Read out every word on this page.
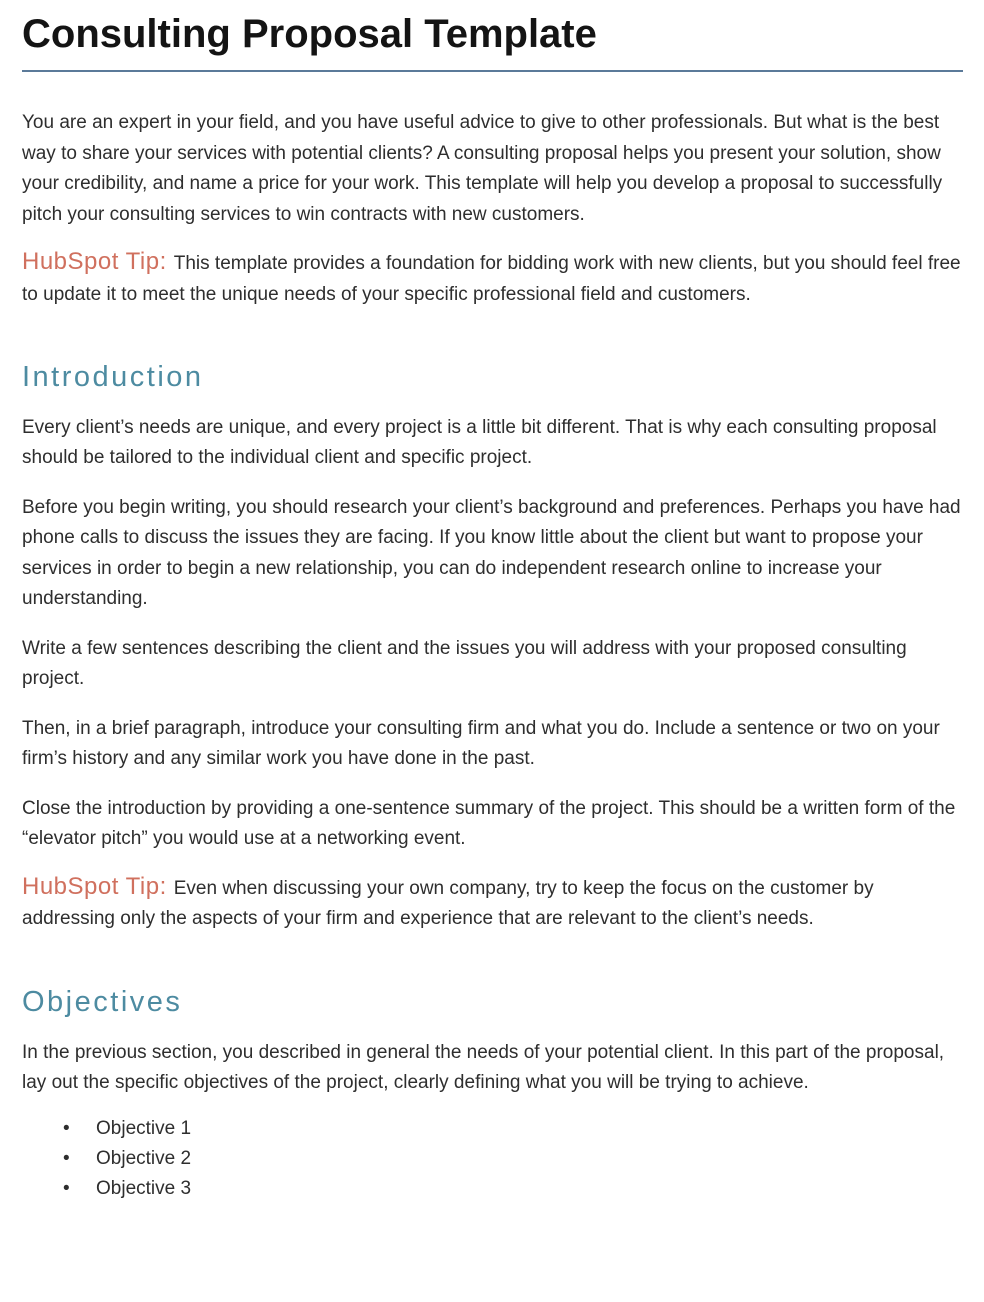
Consulting Proposal Template

You are an expert in your field, and you have useful advice to give to other professionals. But what is the best way to share your services with potential clients? A consulting proposal helps you present your solution, show your credibility, and name a price for your work. This template will help you develop a proposal to successfully pitch your consulting services to win contracts with new customers.

HubSpot Tip: This template provides a foundation for bidding work with new clients, but you should feel free to update it to meet the unique needs of your specific professional field and customers.

Introduction

Every client’s needs are unique, and every project is a little bit different. That is why each consulting proposal should be tailored to the individual client and specific project.

Before you begin writing, you should research your client’s background and preferences. Perhaps you have had phone calls to discuss the issues they are facing. If you know little about the client but want to propose your services in order to begin a new relationship, you can do independent research online to increase your understanding.

Write a few sentences describing the client and the issues you will address with your proposed consulting project.

Then, in a brief paragraph, introduce your consulting firm and what you do. Include a sentence or two on your firm’s history and any similar work you have done in the past.

Close the introduction by providing a one-sentence summary of the project. This should be a written form of the “elevator pitch” you would use at a networking event.

HubSpot Tip: Even when discussing your own company, try to keep the focus on the customer by addressing only the aspects of your firm and experience that are relevant to the client’s needs.

Objectives

In the previous section, you described in general the needs of your potential client. In this part of the proposal, lay out the specific objectives of the project, clearly defining what you will be trying to achieve.

• Objective 1
• Objective 2
• Objective 3
